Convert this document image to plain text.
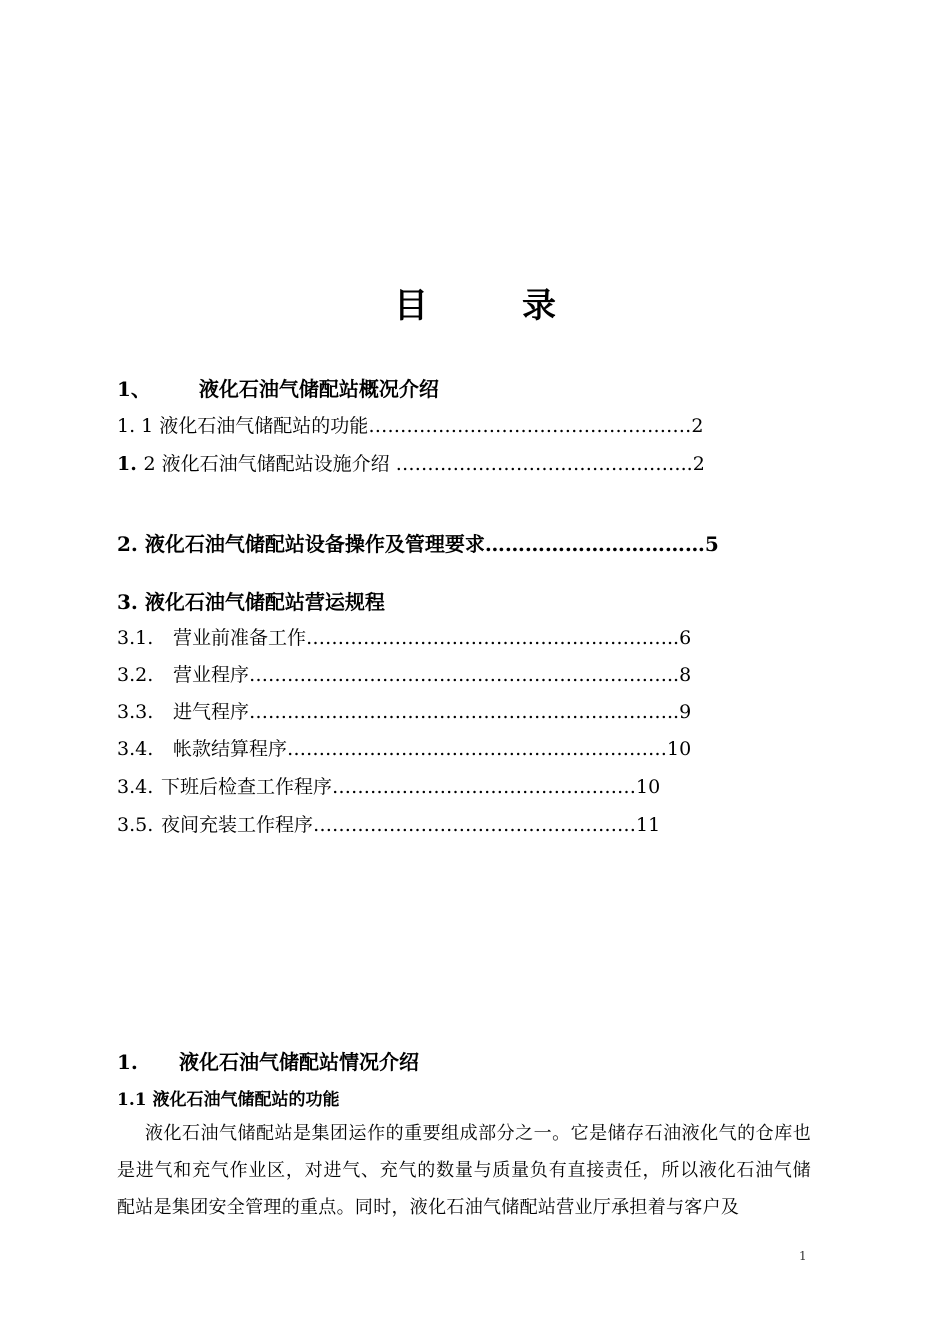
目　录
1、 液化石油气储配站概况介绍
1. 1 液化石油气储配站的功能……………………………………………2
1. 2 液化石油气储配站设施介绍 ………………………………………..2
2. 液化石油气储配站设备操作及管理要求……………………………5
3. 液化石油气储配站营运规程
3.1. 营业前准备工作…………………………………………………..6
3.2. 营业程序…………………………………………………………..8
3.3. 进气程序…………………………………………………………..9
3.4. 帐款结算程序……………………………………………………10
3.4.下班后检查工作程序…………………………………………10
3.5.夜间充装工作程序……………………………………………11
1. 液化石油气储配站情况介绍
1.1 液化石油气储配站的功能
液化石油气储配站是集团运作的重要组成部分之一。它是储存石油液化气的仓库也是进气和充气作业区，对进气、充气的数量与质量负有直接责任，所以液化石油气储配站是集团安全管理的重点。同时，液化石油气储配站营业厅承担着与客户及
1
